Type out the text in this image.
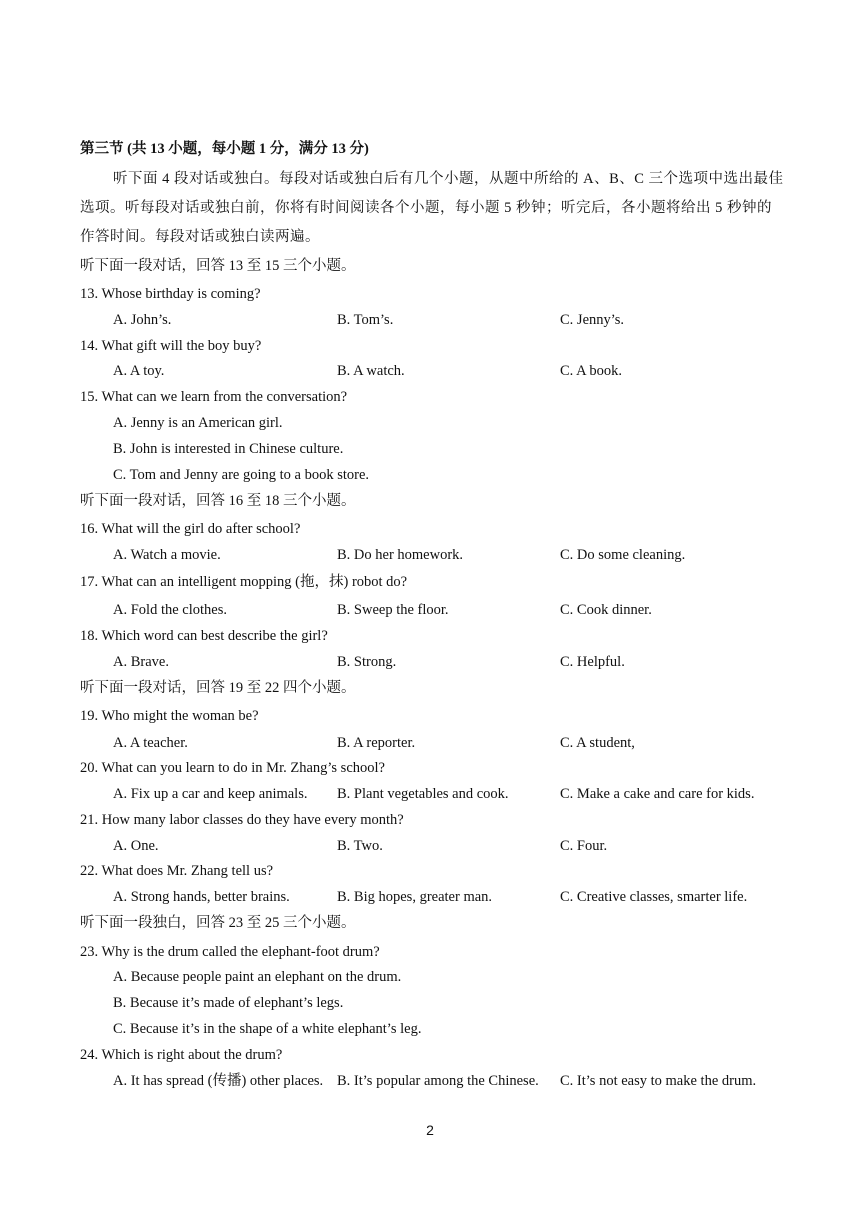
第三节 (共 13 小题，每小题 1 分，满分 13 分)
听下面 4 段对话或独白。每段对话或独白后有几个小题，从题中所给的 A、B、C 三个选项中选出最佳
选项。听每段对话或独白前，你将有时间阅读各个小题，每小题 5 秒钟；听完后，各小题将给出 5 秒钟的
作答时间。每段对话或独白读两遍。
听下面一段对话，回答 13 至 15 三个小题。
13. Whose birthday is coming?
A. John’s.	B. Tom’s.	C. Jenny’s.
14. What gift will the boy buy?
A. A toy.	B. A watch.	C. A book.
15. What can we learn from the conversation?
A. Jenny is an American girl.
B. John is interested in Chinese culture.
C. Tom and Jenny are going to a book store.
听下面一段对话，回答 16 至 18 三个小题。
16. What will the girl do after school?
A. Watch a movie.	B. Do her homework.	C. Do some cleaning.
17. What can an intelligent mopping (拖，抹) robot do?
A. Fold the clothes.	B. Sweep the floor.	C. Cook dinner.
18. Which word can best describe the girl?
A. Brave.	B. Strong.	C. Helpful.
听下面一段对话，回答 19 至 22 四个小题。
19. Who might the woman be?
A. A teacher.	B. A reporter.	C. A student,
20. What can you learn to do in Mr. Zhang’s school?
A. Fix up a car and keep animals. B. Plant vegetables and cook.	C. Make a cake and care for kids.
21. How many labor classes do they have every month?
A. One.	B. Two.	C. Four.
22. What does Mr. Zhang tell us?
A. Strong hands, better brains.	B. Big hopes, greater man.	C. Creative classes, smarter life.
听下面一段独白，回答 23 至 25 三个小题。
23. Why is the drum called the elephant-foot drum?
A. Because people paint an elephant on the drum.
B. Because it’s made of elephant’s legs.
C. Because it’s in the shape of a white elephant’s leg.
24. Which is right about the drum?
A. It has spread (传播) other places. B. It’s popular among the Chinese. C. It’s not easy to make the drum.
2
